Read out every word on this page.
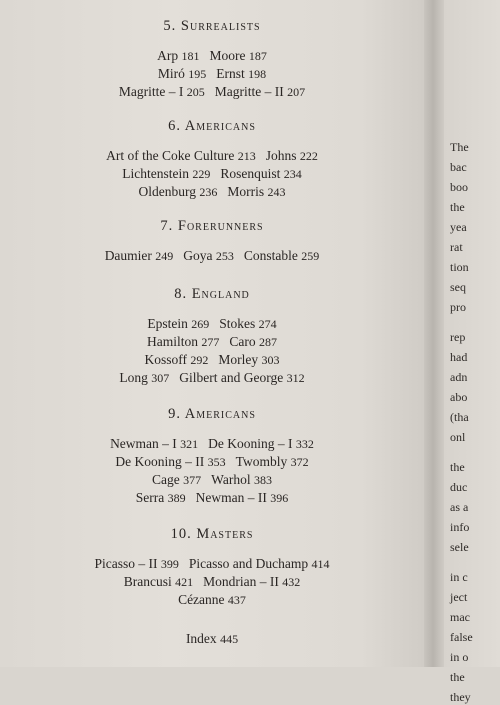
5. Surrealists
Arp 181 Moore 187
Miró 195 Ernst 198
Magritte – I 205 Magritte – II 207
6. Americans
Art of the Coke Culture 213 Johns 222
Lichtenstein 229 Rosenquist 234
Oldenburg 236 Morris 243
7. Forerunners
Daumier 249 Goya 253 Constable 259
8. England
Epstein 269 Stokes 274
Hamilton 277 Caro 287
Kossoff 292 Morley 303
Long 307 Gilbert and George 312
9. Americans
Newman – I 321 De Kooning – I 332
De Kooning – II 353 Twombly 372
Cage 377 Warhol 383
Serra 389 Newman – II 396
10. Masters
Picasso – II 399 Picasso and Duchamp 414
Brancusi 421 Mondrian – II 432
Cézanne 437
Index 445
The
bac
boo
the
yea
rat
tion
seq
pro
rep
had
adn
abo
(tha
onl
the
duc
as a
info
sele
in c
ject
mac
false
in o
the
they
